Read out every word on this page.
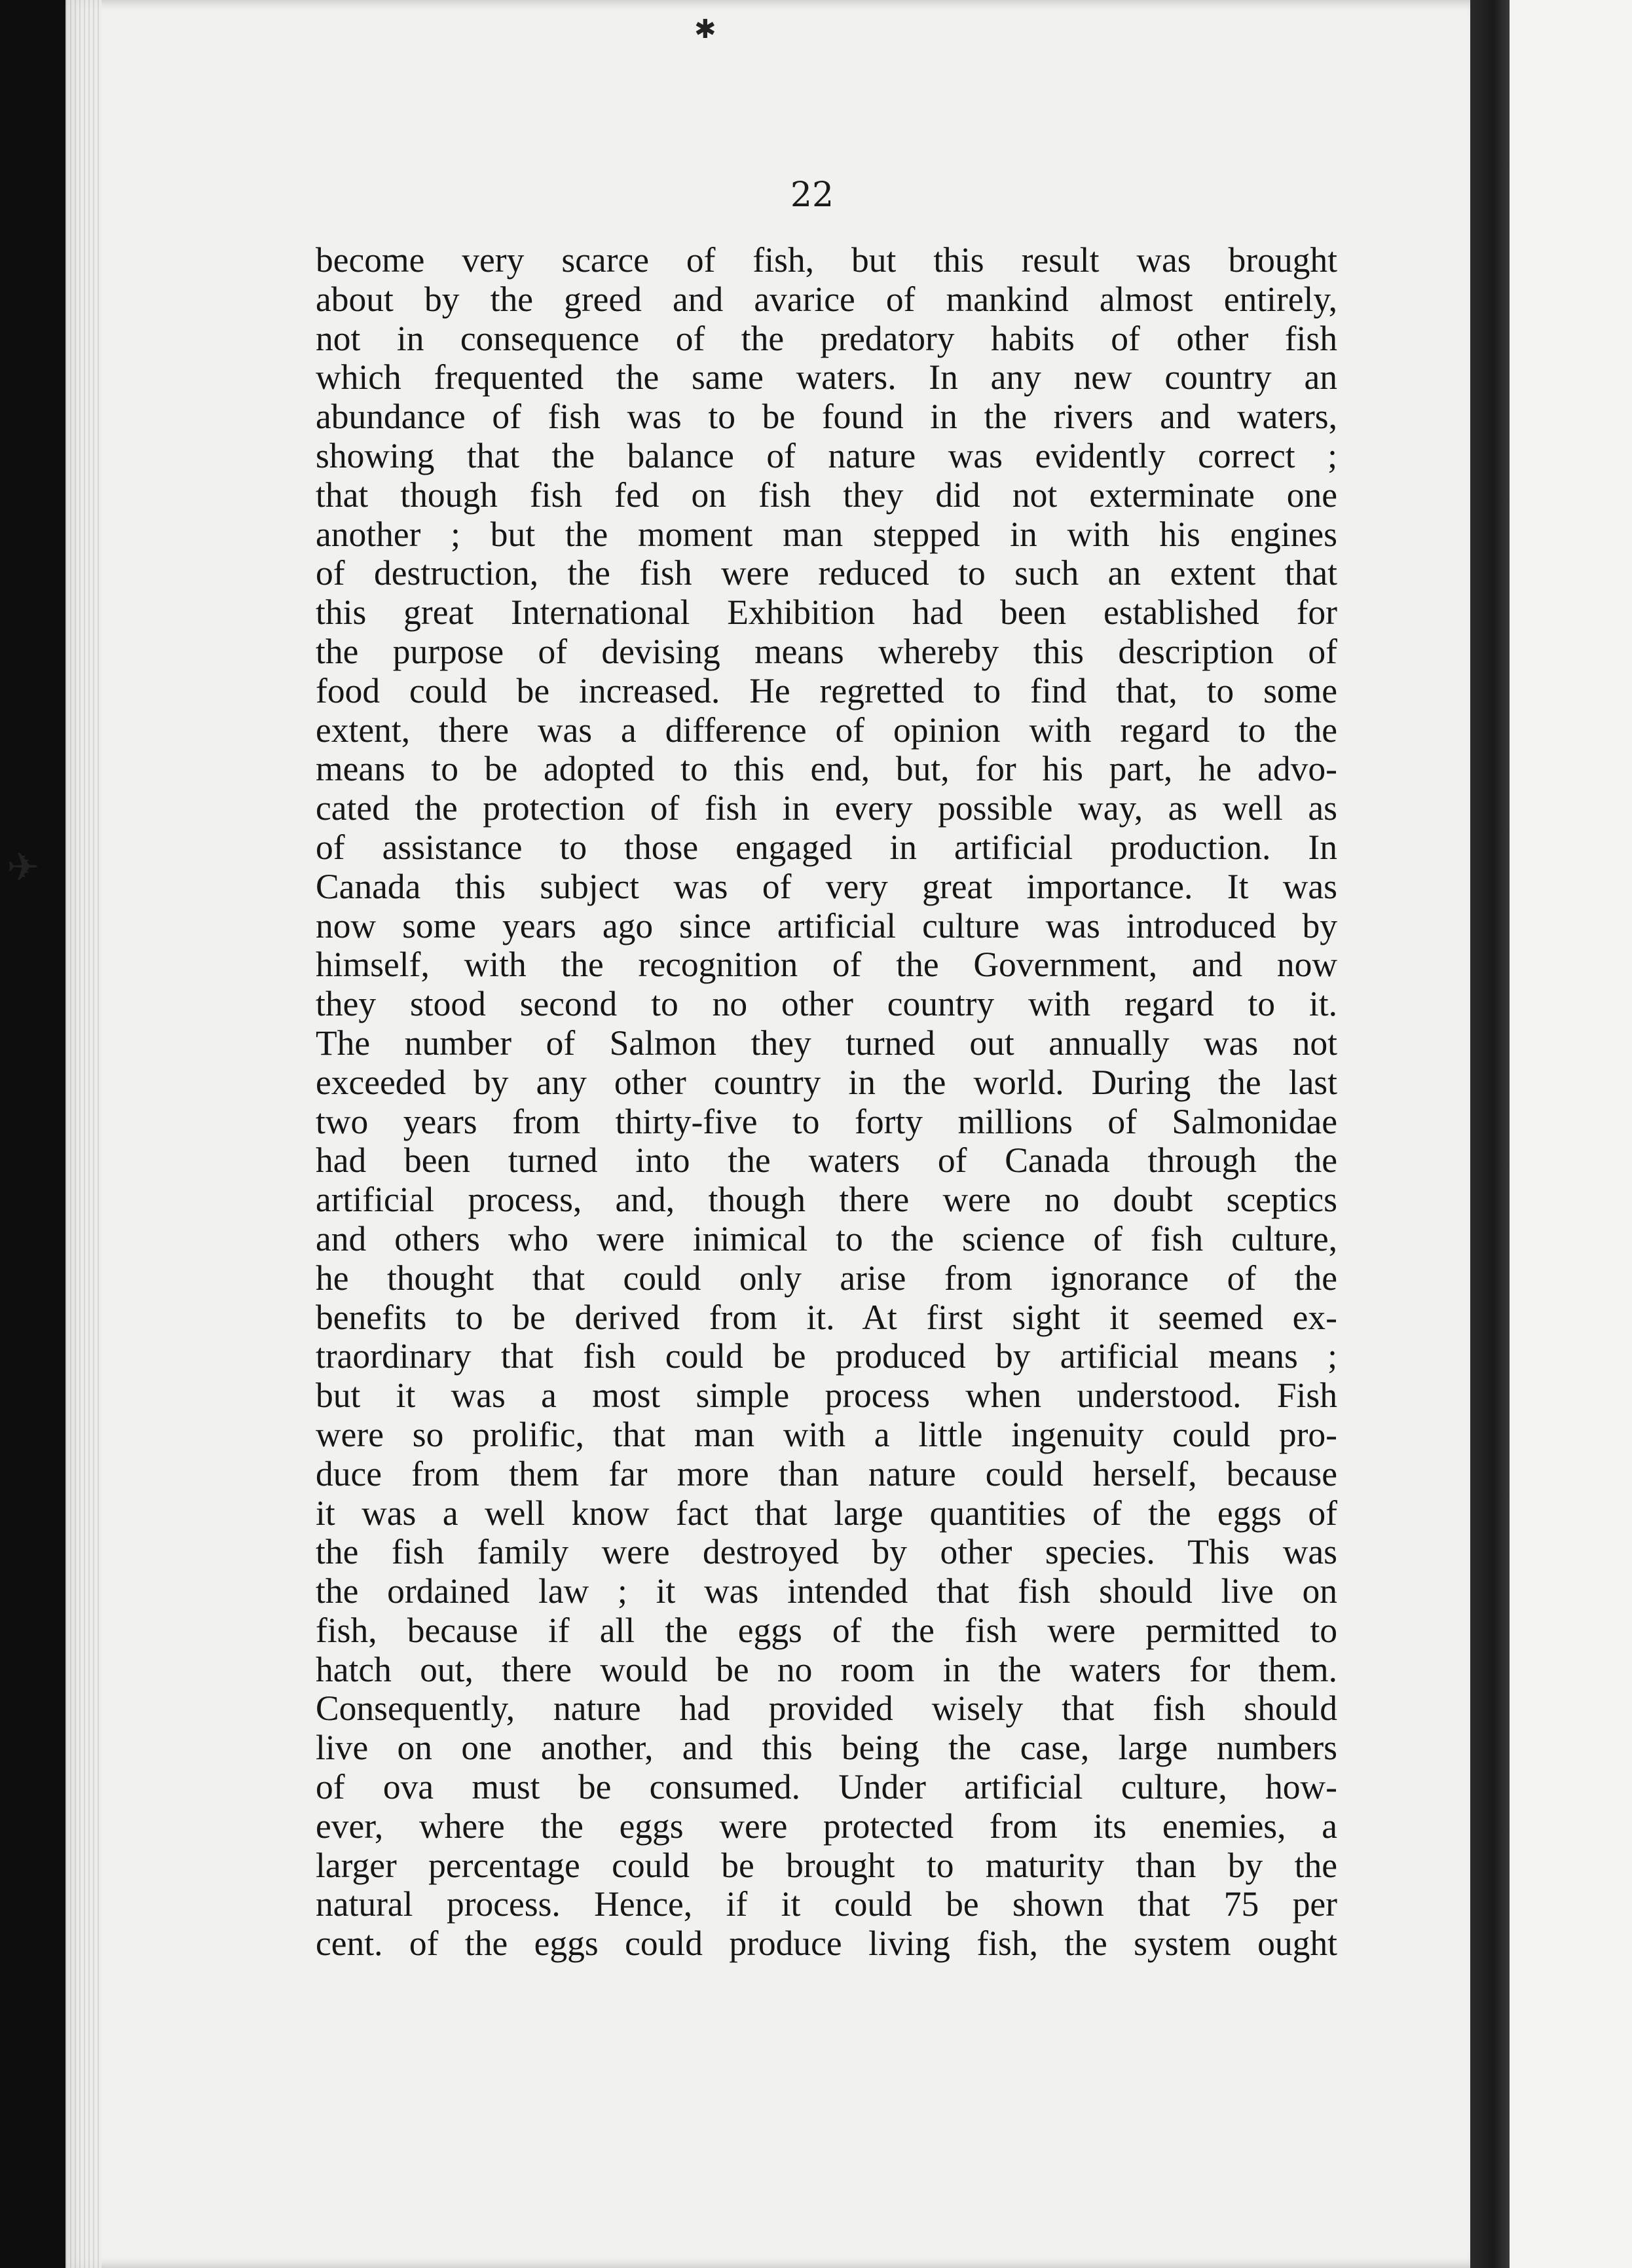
✱
✈
22
become very scarce of fish, but this result was brought
about by the greed and avarice of mankind almost entirely,
not in consequence of the predatory habits of other fish
which frequented the same waters. In any new country an
abundance of fish was to be found in the rivers and waters,
showing that the balance of nature was evidently correct ;
that though fish fed on fish they did not exterminate one
another ; but the moment man stepped in with his engines
of destruction, the fish were reduced to such an extent that
this great International Exhibition had been established for
the purpose of devising means whereby this description of
food could be increased. He regretted to find that, to some
extent, there was a difference of opinion with regard to the
means to be adopted to this end, but, for his part, he advo-
cated the protection of fish in every possible way, as well as
of assistance to those engaged in artificial production. In
Canada this subject was of very great importance. It was
now some years ago since artificial culture was introduced by
himself, with the recognition of the Government, and now
they stood second to no other country with regard to it.
The number of Salmon they turned out annually was not
exceeded by any other country in the world. During the last
two years from thirty-five to forty millions of Salmonidae
had been turned into the waters of Canada through the
artificial process, and, though there were no doubt sceptics
and others who were inimical to the science of fish culture,
he thought that could only arise from ignorance of the
benefits to be derived from it. At first sight it seemed ex-
traordinary that fish could be produced by artificial means ;
but it was a most simple process when understood. Fish
were so prolific, that man with a little ingenuity could pro-
duce from them far more than nature could herself, because
it was a well know fact that large quantities of the eggs of
the fish family were destroyed by other species. This was
the ordained law ; it was intended that fish should live on
fish, because if all the eggs of the fish were permitted to
hatch out, there would be no room in the waters for them.
Consequently, nature had provided wisely that fish should
live on one another, and this being the case, large numbers
of ova must be consumed. Under artificial culture, how-
ever, where the eggs were protected from its enemies, a
larger percentage could be brought to maturity than by the
natural process. Hence, if it could be shown that 75 per
cent. of the eggs could produce living fish, the system ought
